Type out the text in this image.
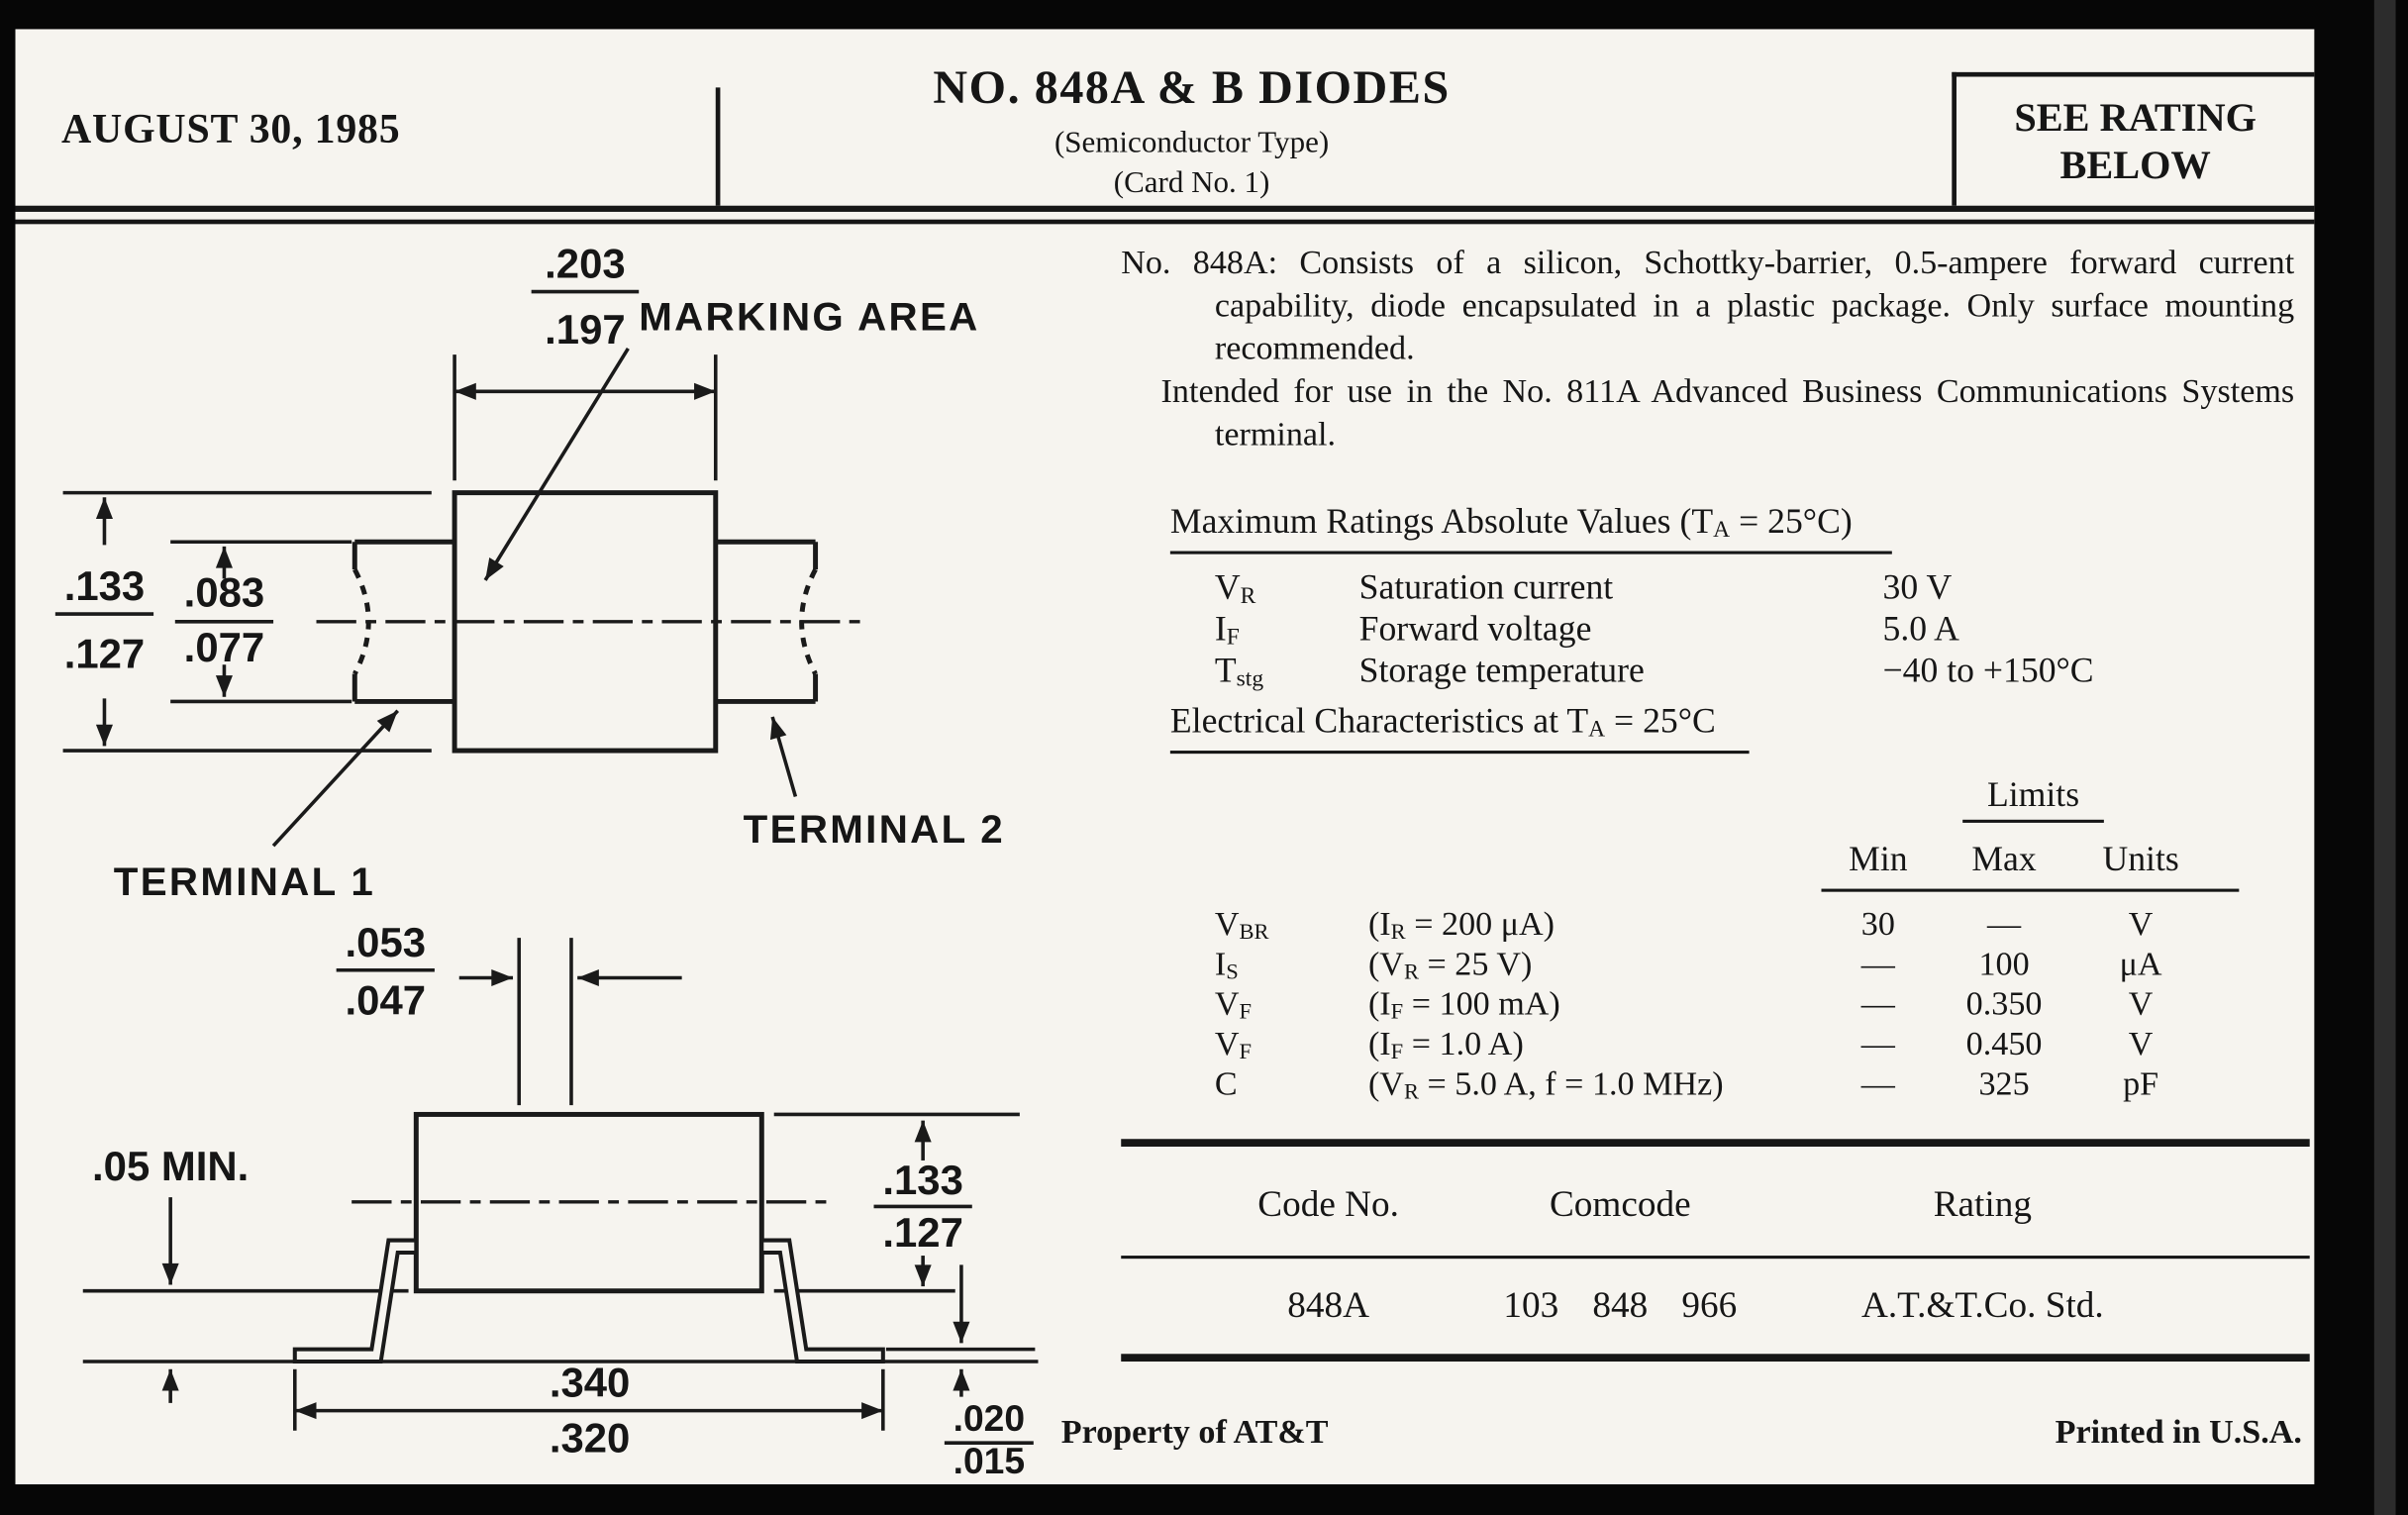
AUGUST 30, 1985
NO. 848A & B DIODES
(Semiconductor Type)
(Card No. 1)
SEE RATING
BELOW
.203
.197
.133
.127
.083
.077
MARKING AREA
TERMINAL 1
TERMINAL 2
.053
.047
.05 MIN.	.133
.127
.340
.320	.020
.015

No. 848A: Consists of a silicon, Schottky-barrier, 0.5-ampere forward current capability, diode encapsulated in a plastic package. Only surface mounting recommended.

Intended for use in the No. 811A Advanced Business Communications Systems terminal.

Maximum Ratings Absolute Values $(T_A = 25^\circ C)$
$V_R$	Saturation current	30 V
$I_F$	Forward voltage	5.0 A
$T_{stg}$	Storage temperature	−40 to +150°C
Electrical Characteristics at $T_A = 25^\circ C$
Limits
Min	Max	Units
$V_{BR}$	($I_R = 200$ μA)	30	—	V
$I_S$	($V_R = 25$ V)	—	100	μA
$V_F$	($I_F = 100$ mA)	—	0.350	V
$V_F$	($I_F = 1.0$ A)	—	0.450	V
C	($V_R = 5.0$ A, f = 1.0 MHz)	—	325	pF
Code No.	Comcode	Rating
848A	103 848 966	A.T.&T.Co. Std.
Property of AT&T	Printed in U.S.A.
